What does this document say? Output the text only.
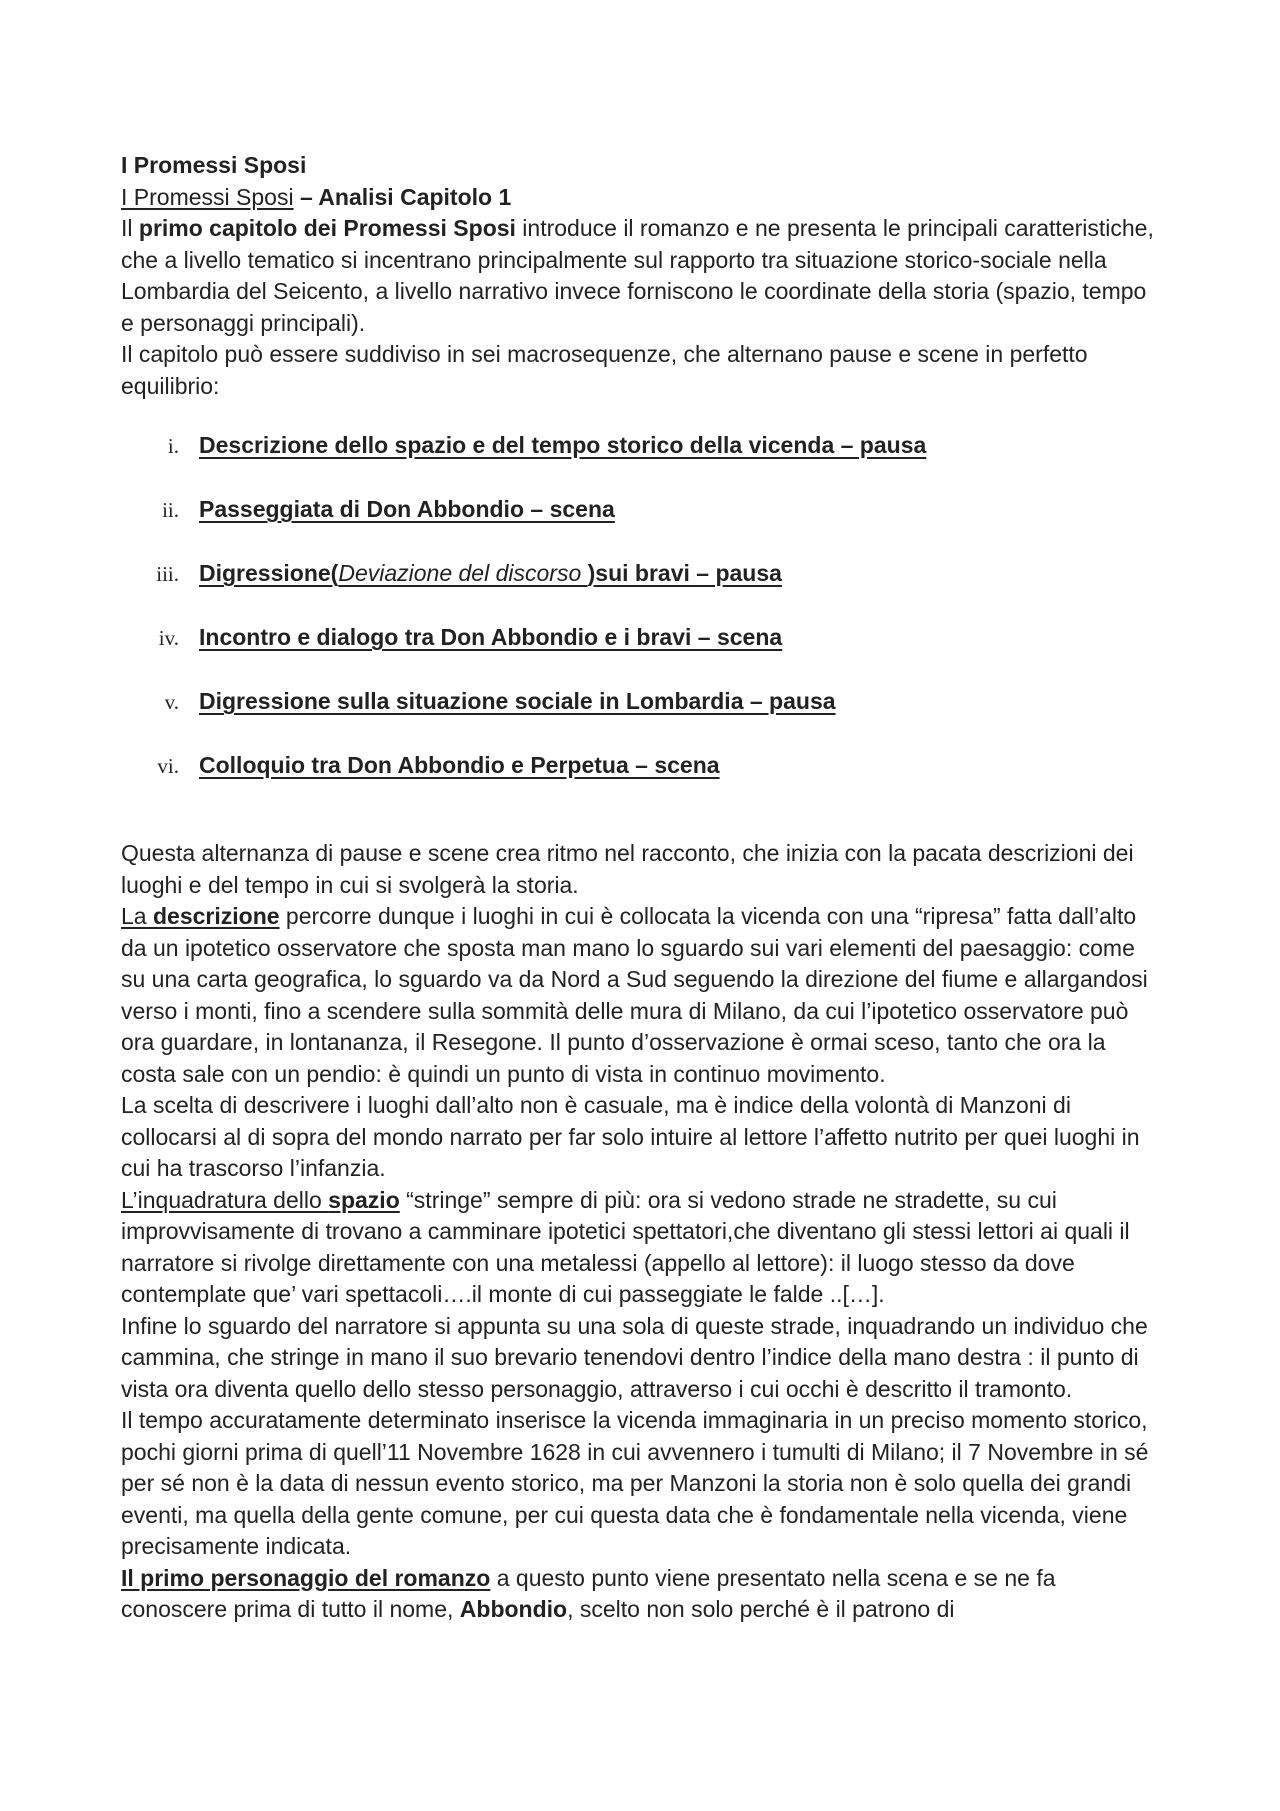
I Promessi Sposi
I Promessi Sposi – Analisi Capitolo 1

Il primo capitolo dei Promessi Sposi introduce il romanzo e ne presenta le principali caratteristiche, che a livello tematico si incentrano principalmente sul rapporto tra situazione storico-sociale nella Lombardia del Seicento, a livello narrativo invece forniscono le coordinate della storia (spazio, tempo e personaggi principali).

Il capitolo può essere suddiviso in sei macrosequenze, che alternano pause e scene in perfetto equilibrio:

i. Descrizione dello spazio e del tempo storico della vicenda – pausa
ii. Passeggiata di Don Abbondio – scena
iii. Digressione(Deviazione del discorso )sui bravi – pausa
iv. Incontro e dialogo tra Don Abbondio e i bravi – scena
v. Digressione sulla situazione sociale in Lombardia – pausa
vi. Colloquio tra Don Abbondio e Perpetua – scena

Questa alternanza di pause e scene crea ritmo nel racconto, che inizia con la pacata descrizioni dei luoghi e del tempo in cui si svolgerà la storia.

La descrizione percorre dunque i luoghi in cui è collocata la vicenda con una “ripresa” fatta dall’alto da un ipotetico osservatore che sposta man mano lo sguardo sui vari elementi del paesaggio: come su una carta geografica, lo sguardo va da Nord a Sud seguendo la direzione del fiume e allargandosi verso i monti, fino a scendere sulla sommità delle mura di Milano, da cui l’ipotetico osservatore può ora guardare, in lontananza, il Resegone. Il punto d’osservazione è ormai sceso, tanto che ora la costa sale con un pendio: è quindi un punto di vista in continuo movimento.

La scelta di descrivere i luoghi dall’alto non è casuale, ma è indice della volontà di Manzoni di collocarsi al di sopra del mondo narrato per far solo intuire al lettore l’affetto nutrito per quei luoghi in cui ha trascorso l’infanzia.

L’inquadratura dello spazio “stringe” sempre di più: ora si vedono strade ne stradette, su cui improvvisamente di trovano a camminare ipotetici spettatori,che diventano gli stessi lettori ai quali il narratore si rivolge direttamente con una metalessi (appello al lettore): il luogo stesso da dove contemplate que’ vari spettacoli….il monte di cui passeggiate le falde ..[…].

Infine lo sguardo del narratore si appunta su una sola di queste strade, inquadrando un individuo che cammina, che stringe in mano il suo brevario tenendovi dentro l’indice della mano destra : il punto di vista ora diventa quello dello stesso personaggio, attraverso i cui occhi è descritto il tramonto.

Il tempo accuratamente determinato inserisce la vicenda immaginaria in un preciso momento storico, pochi giorni prima di quell’11 Novembre 1628 in cui avvennero i tumulti di Milano; il 7 Novembre in sé per sé non è la data di nessun evento storico, ma per Manzoni la storia non è solo quella dei grandi eventi, ma quella della gente comune, per cui questa data che è fondamentale nella vicenda, viene precisamente indicata.

Il primo personaggio del romanzo a questo punto viene presentato nella scena e se ne fa conoscere prima di tutto il nome, Abbondio, scelto non solo perché è il patrono di
